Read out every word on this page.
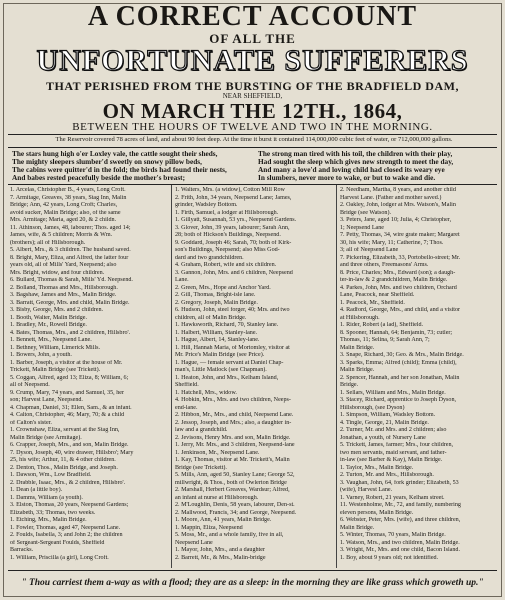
A CORRECT ACCOUNT
OF ALL THE
UNFORTUNATE SUFFERERS
THAT PERISHED FROM THE BURSTING OF THE BRADFIELD DAM,
NEAR SHEFFIELD,
ON MARCH THE 12TH., 1864,
BETWEEN THE HOURS OF TWELVE AND TWO IN THE MORNING.
The Reservoir covered 78 acres of land, and about 90 feet deep. At the time it burst it contained 114,000,000 cubic feet of water, or 712,000,000 gallons.
The stars hung high o'er Loxley vale, the cattle sought their sheds,
The mighty sleepers slumber'd sweetly on snowy pillow beds,
The cabins were quitter'd in the fold; the birds had found their nests,
And babes rested peacefully beside the mother's breast;
The strong man tired with his toil, the children with their play,
Had sought the sleep which gives new strength to meet the day,
And many a love'd and loving child had closed its weary eye
In slumbers, never more to wake, or but to wake and die.
1. Arcelas, Christopher B., 4 years, Long Croft.
7. Armitage, Greaves, 38 years, Stag Inn, Malin
Bridge; Ann, 42 years, Long Croft; Charles,
avoid sucker, Malin Bridge; also, of the same
Mrs. Armitage; Maria, aged 20, & 2 childn.
11. Athinson, James, 48, labourer; Thos. aged 14;
James, wife, & 5 children; Morris & Wm.
(brothers); all of Hillsborough.
5. Albert, Mrs., & 3 children. The husband saved.
8. Bright, Mary, Eliza, and Alfred, the latter four
years old, all of Mills' Yard, Neepsend; also
Mrs. Bright, widow, and four children.
6. Bullard, Thomas & Sarah, Mills' Yd. Neepsend.
2. Bolland, Thomas and Mrs., Hillsborough.
3. Bagshaw, James and Mrs., Malin Bridge.
3. Barratt, George, Mrs. and child, Malin Bridge.
3. Bisby, George, Mrs. and 2 children.
1. Booth, Walter, Malin Bridge.
1. Bradley, Mr., Rowell Bridge.
4. Bates, Thomas, Mrs., and 2 children, Hillsbro'.
1. Bennett, Mrs., Neepsend Lane.
1. Bethney, William, Limerick Mills.
1. Bowers, John, a youth.
1. Barber, Joseph, a visitor at the house of Mr.
Trickett, Malin Bridge (see Trickett).
5. Coggan, Alfred, aged 13; Eliza, 8; William, 6;
all of Neepsend.
9. Crump, Mary, 74 years, and Samuel, 35, her
son; Harvest Lane, Neepsend.
4. Chapman, Daniel, 31; Ellen, Sam., & an infant.
4. Calton, Christopher, 46; Mary, 70; & a child
of Calton's sister.
1. Crownshaw, Eliza, servant at the Stag Inn,
Malin Bridge (see Armitage).
6. Crapper, Joseph, Mrs., and son, Malin Bridge.
7. Dyson, Joseph, 40, wire drawer, Hillsbro'; Mary
25, his wife; Arthur, 11, & 4 other children.
2. Denton, Thos., Malin Bridge, and Joseph.
1. Dawson, Wm., Low Bradfield.
2. Drabble, Isaac, Mrs., & 2 children, Hillsbro'.
1. Dean (a little boy).
1. Damms, William (a youth).
3. Elston, Thomas, 20 years, Neepsend Gardens;
Elizabeth, 33; Thomas, two weeks.
1. Etching, Mrs., Malin Bridge.
1. Fowler, Thomas, aged 47, Neepsend Lane.
2. Foulds, Isabella, 3; and John 2; the children
of Sergeant-Sergeant Foulds, Sheffield
Barracks.
1. William, Priscilla (a girl), Long Croft.
1. Walters, Mrs. (a widow), Cotton Mill Row
2. Frith, John, 34 years, Neepsend Lane; James,
grinder, Wadsley Bottom.
1. Firth, Samuel, a lodger at Hillsborough.
1. Gillyatt, Susannah, 53 yrs., Neepsend Gardens.
3. Glover, John, 39 years, labourer; Sarah Ann,
28; both of Hickson's Buildings, Neepsend.
9. Goddard, Joseph 46; Sarah, 70; both of Kirk-
son's Buildings, Neepsend; also Miss God-
dard and two grandchildren.
4. Graham, Robert, wife and six children.
3. Gannon, John, Mrs. and 6 children, Neepsend
Lane.
2. Green, Mrs., Hope and Anchor Yard.
2. Gill, Thomas, Bright-isle lane.
2. Gregory, Joseph, Malin Bridge.
6. Hudson, John, steel forger, 40; Mrs. and two
children, all of Malin Bridge.
1. Hawksworth, Richard, 70, Stanley lane.
1. Halbert, William, Stanley-lane.
1. Hague, Albert, 14, Stanley-lane.
1. Hill, Hannah Maria, of Mortomley, visitor at
Mr. Price's Malin Bridge (see Price).
1. Hague, — female servant at Daniel Chap-
man's, Little Matlock (see Chapman).
1. Heaton, John, and Mrs., Kelham Island,
Sheffield.
1. Hatchell, Mrs., widow.
4. Hobkin, Mrs., Mrs. and two children, Neeps-
end-lane.
2. Hibbon, Mr., Mrs., and child, Neepsend Lane.
2. Jessop, Joseph, and Mrs.; also, a daughter in-
law and a grandchild.
2. Jevisons, Henry Mrs. and son, Malin Bridge.
1. Jerry, Mr. Mrs., and 3 children, Neepsend-lane
1. Jenkinson, Mr., Neepsend Lane.
1. Kay, Thomas, visitor at Mr. Trickett's, Malin
Bridge (see Trickett).
5. Mills, Ann, aged 50, Stanley Lane; George 52,
millwright, & Thos., both of Owlerton Bridge
2. Marshall, Herbert Greaves, Wardsur; Alfred,
an infant at nurse at Hillsborough.
2. M'Loughlin, Denis, 58 years, labourer, Den-st.
2. Mallwood, Francis, 34; and George, Neepsend.
1. Moore, Ann, 41 years, Malin Bridge.
1. Mappin, Eliza, Neepsend
5. Moss, Mr., and a whole family, five in all,
Neepsend Lane
1. Mayor, John, Mrs., and a daughter
2. Barrett, Mr., & Mrs., Malin-bridge
2. Needham, Martha, 8 years, and another child
Harvest Lane. (Father and mother saved.)
2. Oakley, John, lodger at Mrs. Watson's, Malin
Bridge (see Watson).
3. Peters, Jane, aged 10; Julia, 4; Christopher,
1; Neepsend Lane
7. Petty, Thomas, 34, wire grate maker; Margaret
30, his wife; Mary, 11; Catherine, 7; Thos.
3; all of Neepsend Lane
7. Pickering, Elizabeth, 33, Portobello-street; Mr.
and three others, Freemasons' Arms.
8. Price, Charles; Mrs., Edward (son); a daugh-
ter-in-law & 2 grandchildren, Malin Bridge.
4. Parkes, John, Mrs. and two children, Orchard
Lane, Peacock, near Sheffield.
1. Peacock, Mr., Sheffield.
4. Radford, George, Mrs., and child, and a visitor
at Hillsborough.
1. Rider, Robert (a lad), Sheffield.
8. Spooner, Hannah, 64; Benjamin, 73; cutler;
Thomas, 11; Selina, 9; Sarah Ann, 7;
Malin Bridge.
3. Snape, Richard, 30; Geo. & Mrs., Malin Bridge.
3. Sparks, Emma; Alfred (child); Emma (child),
Malin Bridge.
2. Spencer, Hannah, and her son Jonathan, Malin
Bridge.
1. Sellars, William and Mrs., Malin Bridge.
3. Stacey, Richard, apprentice to Joseph Dyson,
Hillsborough, (see Dyson)
1. Simpson, William, Wadsley Bottom.
4. Tingle, George, 21, Malin Bridge.
2. Turner, Mr. and Mrs. and 2 children; also
Jonathan, a youth, of Nursery Lane
5. Trickett, James, farmer; Mrs., four children,
two men servants, maid servant, and father-
in-law (see Barber & Kay), Malin Bridge.
1. Taylor, Mrs., Malin Bridge.
2. Turton, Mr. and Mrs., Hillsborough.
3. Vaughan, John, 64, fork grinder; Elizabeth, 53
(wife), Harvest Lane.
1. Varney, Robert, 21 years, Kelham street.
11. Westenholme, Mr., 72, and family, numbering
eleven persons, Malin Bridge.
6. Webster, Peter, Mrs. (wife), and three children,
Malin Bridge.
5. Winter, Thomas, 70 years, Malin Bridge.
1. Watson, Mrs., and two children, Malin Bridge.
3. Wright, Mr., Mrs. and one child, Bacon Island.
1. Boy, about 9 years old; not identified.
" Thou carriest them a-way as with a flood; they are as a sleep: in the morning they are like grass which groweth up."
